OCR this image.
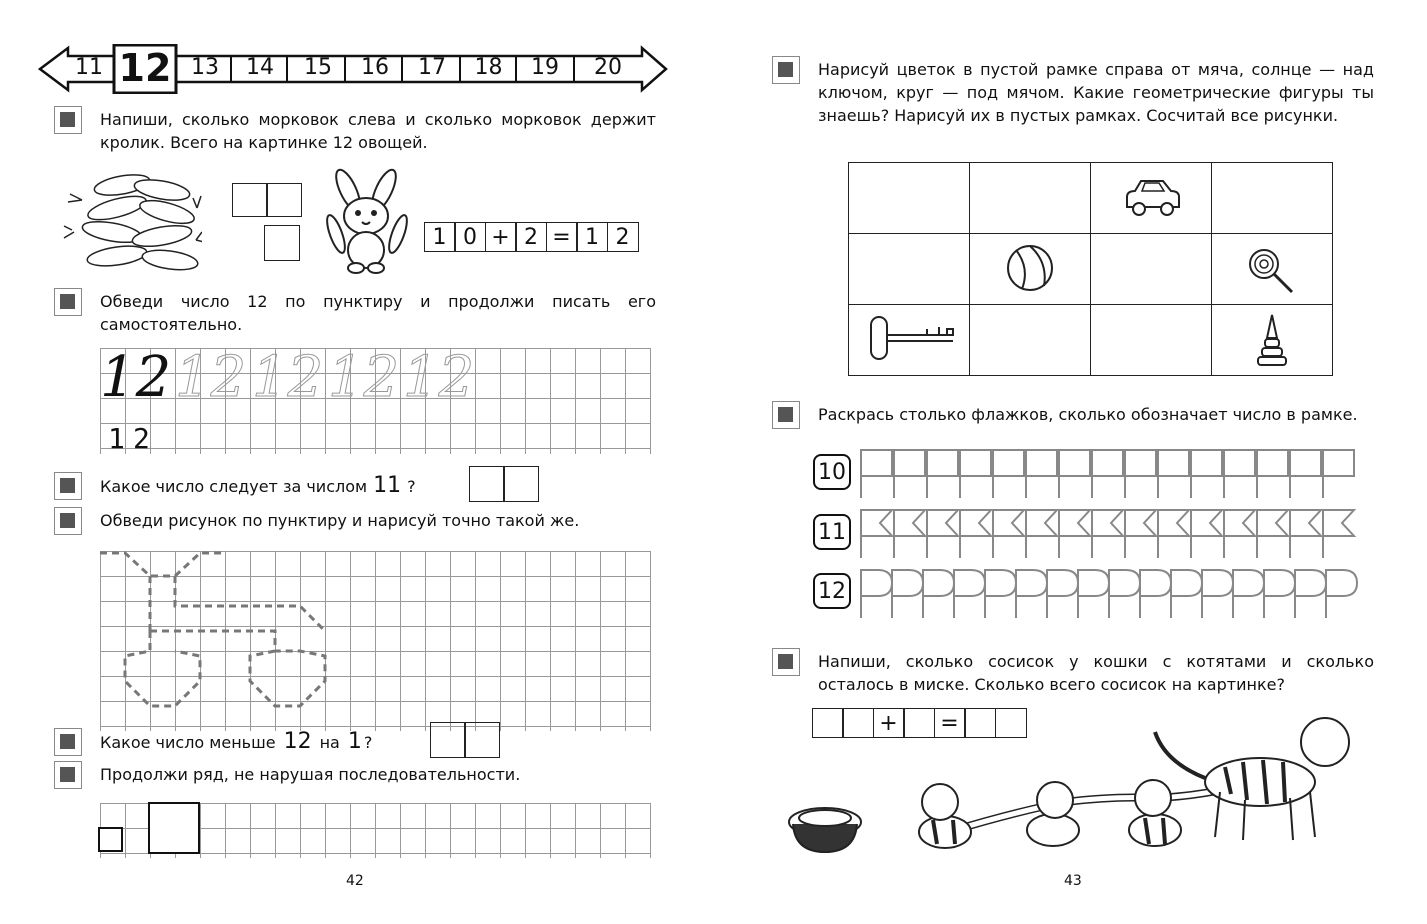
11 12 13	14	15	16	17	18	19	20
Напиши, сколько морковок слева и сколько морковок держит кролик. Всего на картинке 12 овощей.
1 0 + 2 = 1 2
Обведи число 12 по пунктиру и продолжи писать его самостоятельно.
12 12 12 12 12
1 2
Какое число следует за числом 11 ?
Обведи рисунок по пунктиру и нарисуй точно такой же.
Какое число меньше 12 на 1 ?
Продолжи ряд, не нарушая последовательности.
42
Нарисуй цветок в пустой рамке справа от мяча, солнце — над ключом, круг — под мячом. Какие геометрические фигуры ты знаешь? Нарисуй их в пустых рамках. Сосчитай все рисунки.

Раскрась столько флажков, сколько обозначает число в рамке.
10
11
12
Напиши, сколько сосисок у кошки с котятами и сколько осталось в миске. Сколько всего сосисок на картинке?
+	=
43
